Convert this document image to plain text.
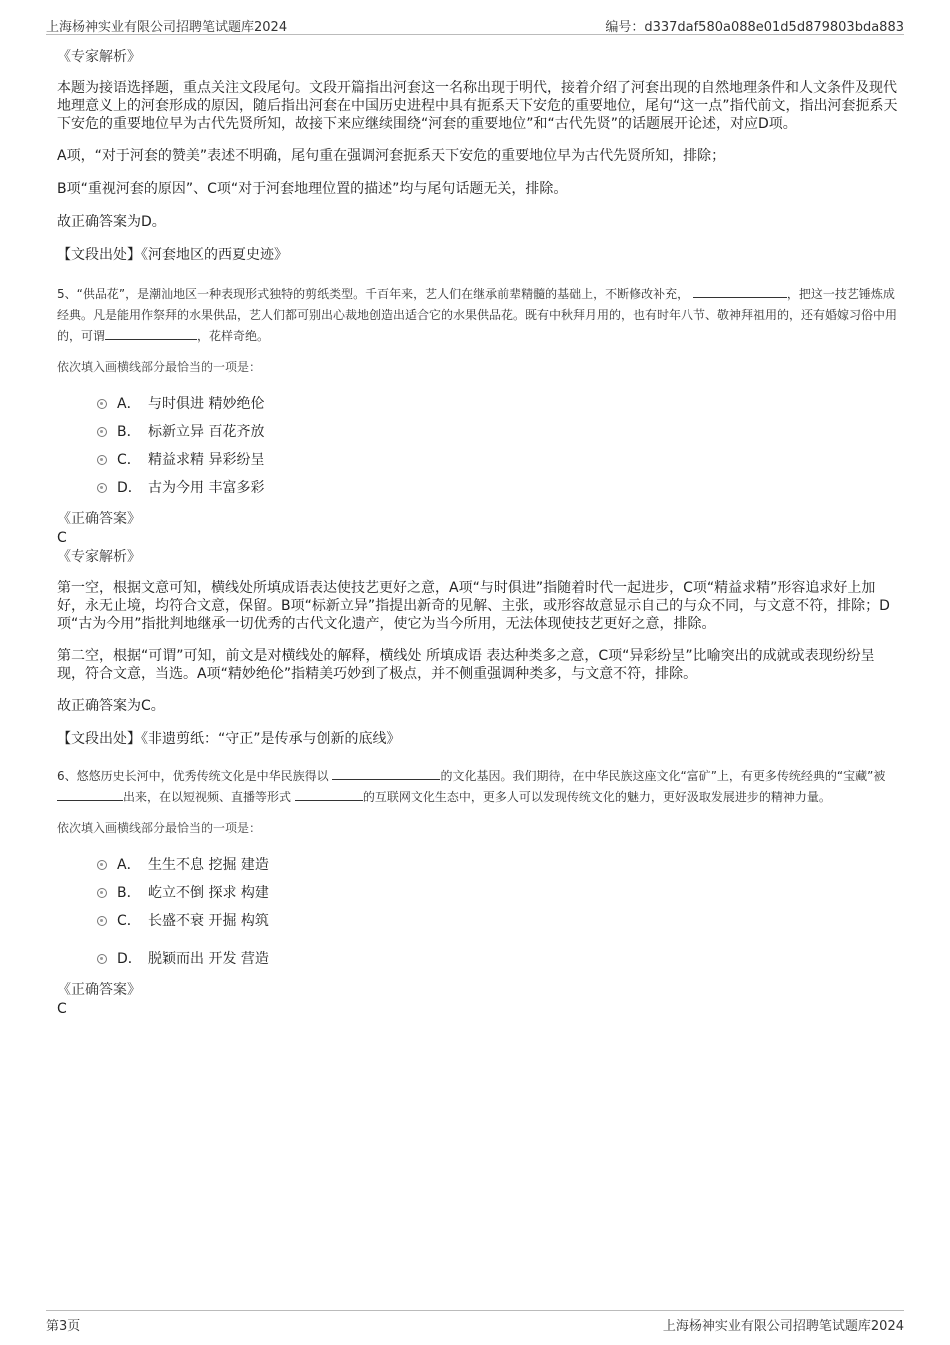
上海杨神实业有限公司招聘笔试题库2024	编号：d337daf580a088e01d5d879803bda883

《专家解析》

本题为接语选择题，重点关注文段尾句。文段开篇指出河套这一名称出现于明代，接着介绍了河套出现的自然地理条件和人文条件及现代地理意义上的河套形成的原因，随后指出河套在中国历史进程中具有扼系天下安危的重要地位，尾句“这一点”指代前文，指出河套扼系天下安危的重要地位早为古代先贤所知，故接下来应继续围绕“河套的重要地位”和“古代先贤”的话题展开论述，对应D项。

A项，“对于河套的赞美”表述不明确，尾句重在强调河套扼系天下安危的重要地位早为古代先贤所知，排除；

B项“重视河套的原因”、C项“对于河套地理位置的描述”均与尾句话题无关，排除。

故正确答案为D。

【文段出处】《河套地区的西夏史迹》

5、“供品花”，是潮汕地区一种表现形式独特的剪纸类型。千百年来，艺人们在继承前辈精髓的基础上，不断修改补充，	，把这一技艺锤炼成经典。凡是能用作祭拜的水果供品，艺人们都可别出心裁地创造出适合它的水果供品花。既有中秋拜月用的，也有时年八节、敬神拜祖用的，还有婚嫁习俗中用的，可谓	，花样奇绝。

依次填入画横线部分最恰当的一项是：

A． 与时俱进 精妙绝伦
B． 标新立异 百花齐放
C． 精益求精 异彩纷呈
D． 古为今用 丰富多彩

《正确答案》

C

《专家解析》

第一空，根据文意可知，横线处所填成语表达使技艺更好之意，A项“与时俱进”指随着时代一起进步，C项“精益求精”形容追求好上加好，永无止境，均符合文意，保留。B项“标新立异”指提出新奇的见解、主张，或形容故意显示自己的与众不同，与文意不符，排除；D项“古为今用”指批判地继承一切优秀的古代文化遗产，使它为当今所用，无法体现使技艺更好之意，排除。

第二空，根据“可谓”可知，前文是对横线处的解释，横线处 所填成语 表达种类多之意，C项“异彩纷呈”比喻突出的成就或表现纷纷呈现，符合文意，当选。A项“精妙绝伦”指精美巧妙到了极点，并不侧重强调种类多，与文意不符，排除。

故正确答案为C。

【文段出处】《非遗剪纸：“守正”是传承与创新的底线》

6、悠悠历史长河中，优秀传统文化是中华民族得以	的文化基因。我们期待，在中华民族这座文化“富矿”上，有更多传统经典的“宝藏”被 出来，在以短视频、直播等形式	的互联网文化生态中，更多人可以发现传统文化的魅力，更好汲取发展进步的精神力量。

依次填入画横线部分最恰当的一项是：

A． 生生不息 挖掘 建造
B． 屹立不倒 探求 构建
C． 长盛不衰 开掘 构筑
D． 脱颖而出 开发 营造

《正确答案》

C

第3页	上海杨神实业有限公司招聘笔试题库2024
